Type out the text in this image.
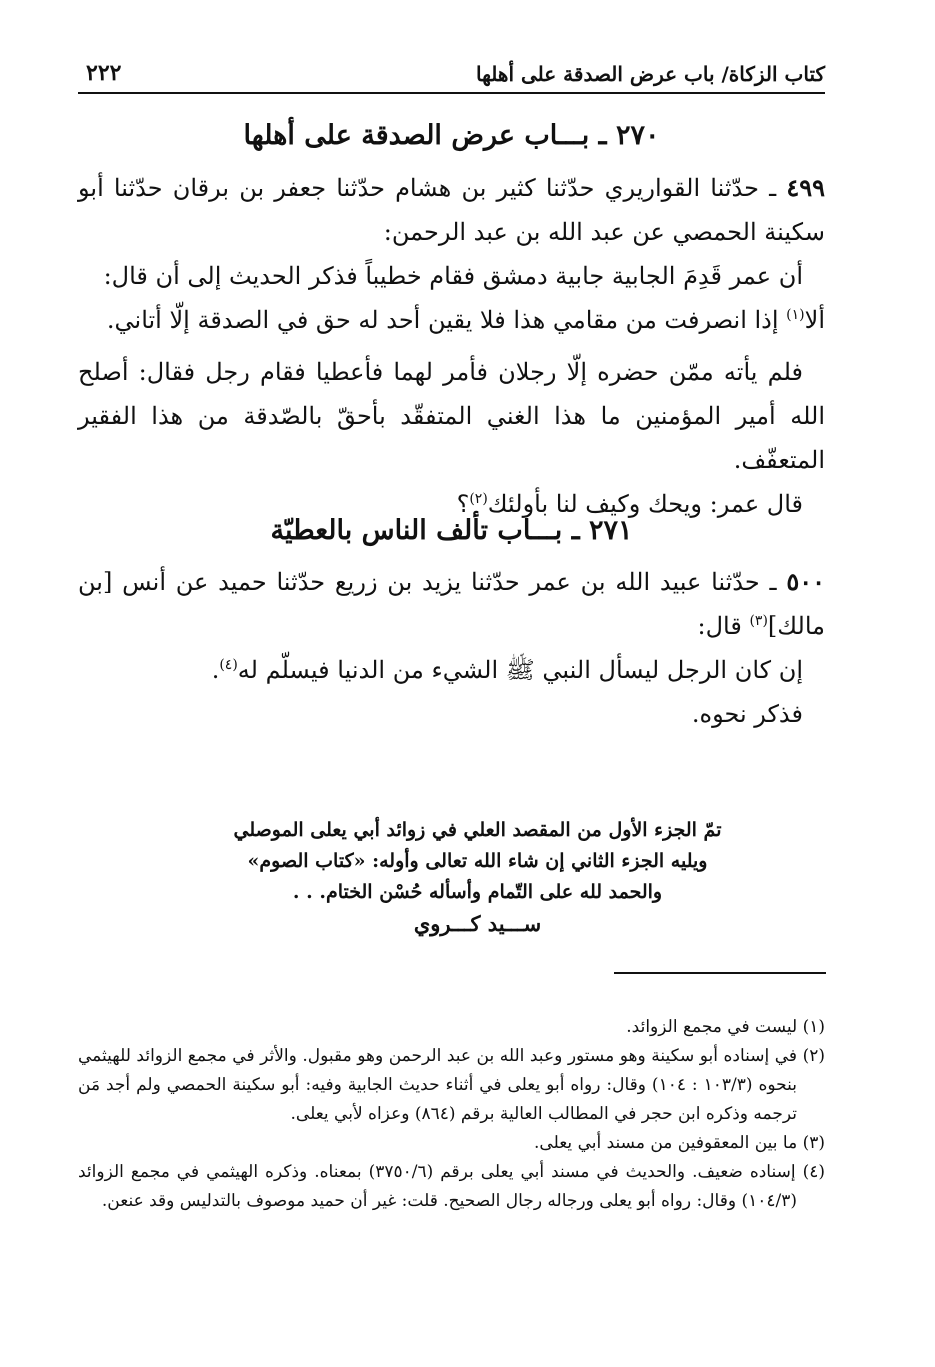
كتاب الزكاة/ باب عرض الصدقة على أهلها
٢٢٢
٢٧٠ ـ بـــاب عرض الصدقة على أهلها

٤٩٩ ـ حدّثنا القواريري حدّثنا كثير بن هشام حدّثنا جعفر بن برقان حدّثنا أبو سكينة الحمصي عن عبد الله بن عبد الرحمن:

أن عمر قَدِمَ الجابية جابية دمشق فقام خطيباً فذكر الحديث إلى أن قال:

ألا$^{(١)}$ إذا انصرفت من مقامي هذا فلا يقين أحد له حق في الصدقة إلّا أتاني.

فلم يأته ممّن حضره إلّا رجلان فأمر لهما فأعطيا فقام رجل فقال: أصلح الله أمير المؤمنين ما هذا الغني المتفقّد بأحقّ بالصّدقة من هذا الفقير المتعفّف.

قال عمر: ويحك وكيف لنا بأولئك$^{(٢)}$؟

٢٧١ ـ بـــاب تألف الناس بالعطيّة

٥٠٠ ـ حدّثنا عبيد الله بن عمر حدّثنا يزيد بن زريع حدّثنا حميد عن أنس [بن مالك]$^{(٣)}$ قال:

إن كان الرجل ليسأل النبي ﷺ الشيء من الدنيا فيسلّم له$^{(٤)}$.

فذكر نحوه.

تمّ الجزء الأول من المقصد العلي في زوائد أبي يعلى الموصلي

ويليه الجزء الثاني إن شاء الله تعالى وأوله: «كتاب الصوم»

والحمد لله على التّمام وأسأله حُسْن الختام. . .

ســـيد كـــروي

(١) ليست في مجمع الزوائد.

(٢) في إسناده أبو سكينة وهو مستور وعبد الله بن عبد الرحمن وهو مقبول. والأثر في مجمع الزوائد للهيثمي بنحوه (١٠٣/٣ : ١٠٤) وقال: رواه أبو يعلى في أثناء حديث الجابية وفيه: أبو سكينة الحمصي ولم أجد مَن ترجمه وذكره ابن حجر في المطالب العالية برقم (٨٦٤) وعزاه لأبي يعلى.

(٣) ما بين المعقوفين من مسند أبي يعلى.

(٤) إسناده ضعيف. والحديث في مسند أبي يعلى برقم (٣٧٥٠/٦) بمعناه. وذكره الهيثمي في مجمع الزوائد (١٠٤/٣) وقال: رواه أبو يعلى ورجاله رجال الصحيح. قلت: غير أن حميد موصوف بالتدليس وقد عنعن.
